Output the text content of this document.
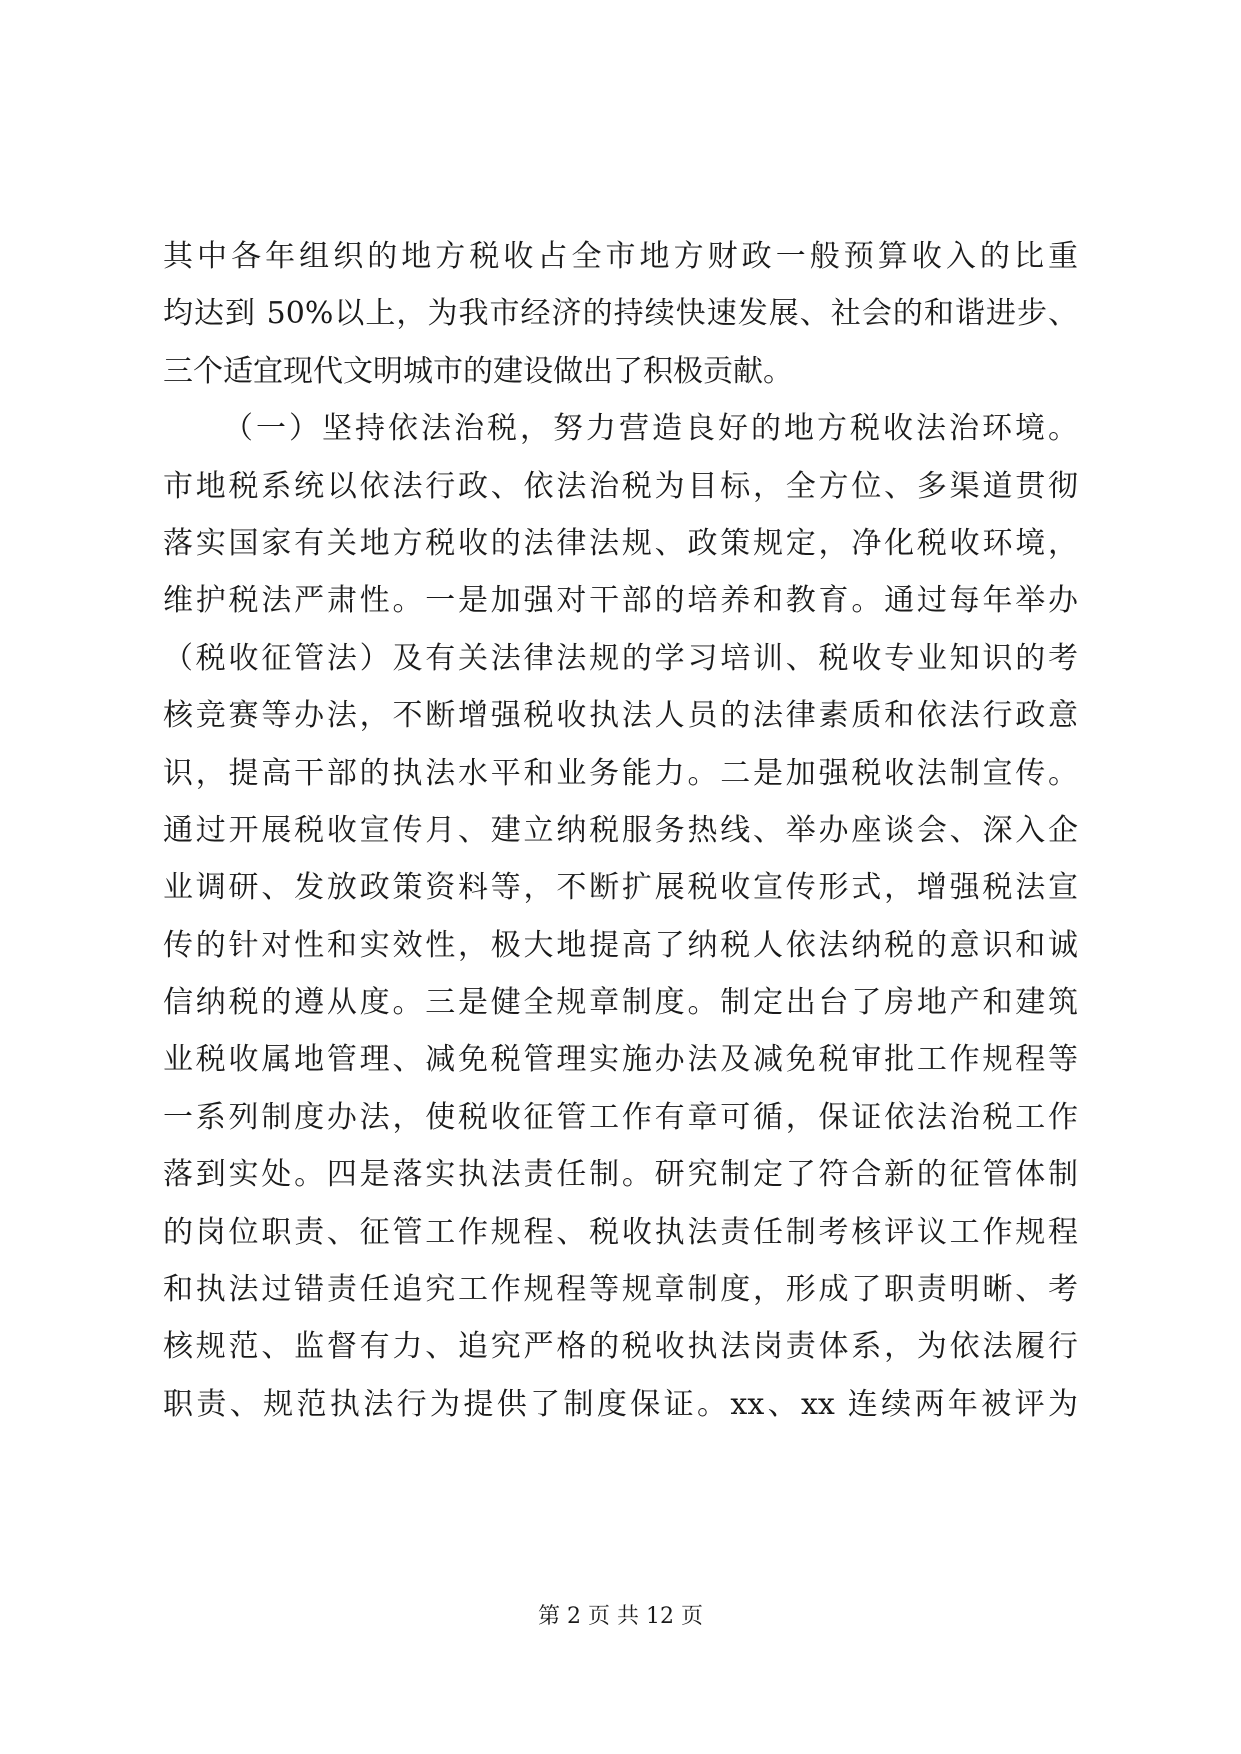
其中各年组织的地方税收占全市地方财政一般预算收入的比重
均达到 50%以上，为我市经济的持续快速发展、社会的和谐进步、
三个适宜现代文明城市的建设做出了积极贡献。
（一）坚持依法治税，努力营造良好的地方税收法治环境。
市地税系统以依法行政、依法治税为目标，全方位、多渠道贯彻
落实国家有关地方税收的法律法规、政策规定，净化税收环境，
维护税法严肃性。一是加强对干部的培养和教育。通过每年举办
（税收征管法）及有关法律法规的学习培训、税收专业知识的考
核竞赛等办法，不断增强税收执法人员的法律素质和依法行政意
识，提高干部的执法水平和业务能力。二是加强税收法制宣传。
通过开展税收宣传月、建立纳税服务热线、举办座谈会、深入企
业调研、发放政策资料等，不断扩展税收宣传形式，增强税法宣
传的针对性和实效性，极大地提高了纳税人依法纳税的意识和诚
信纳税的遵从度。三是健全规章制度。制定出台了房地产和建筑
业税收属地管理、减免税管理实施办法及减免税审批工作规程等
一系列制度办法，使税收征管工作有章可循，保证依法治税工作
落到实处。四是落实执法责任制。研究制定了符合新的征管体制
的岗位职责、征管工作规程、税收执法责任制考核评议工作规程
和执法过错责任追究工作规程等规章制度，形成了职责明晰、考
核规范、监督有力、追究严格的税收执法岗责体系，为依法履行
职责、规范执法行为提供了制度保证。xx、xx 连续两年被评为
第 2 页 共 12 页
